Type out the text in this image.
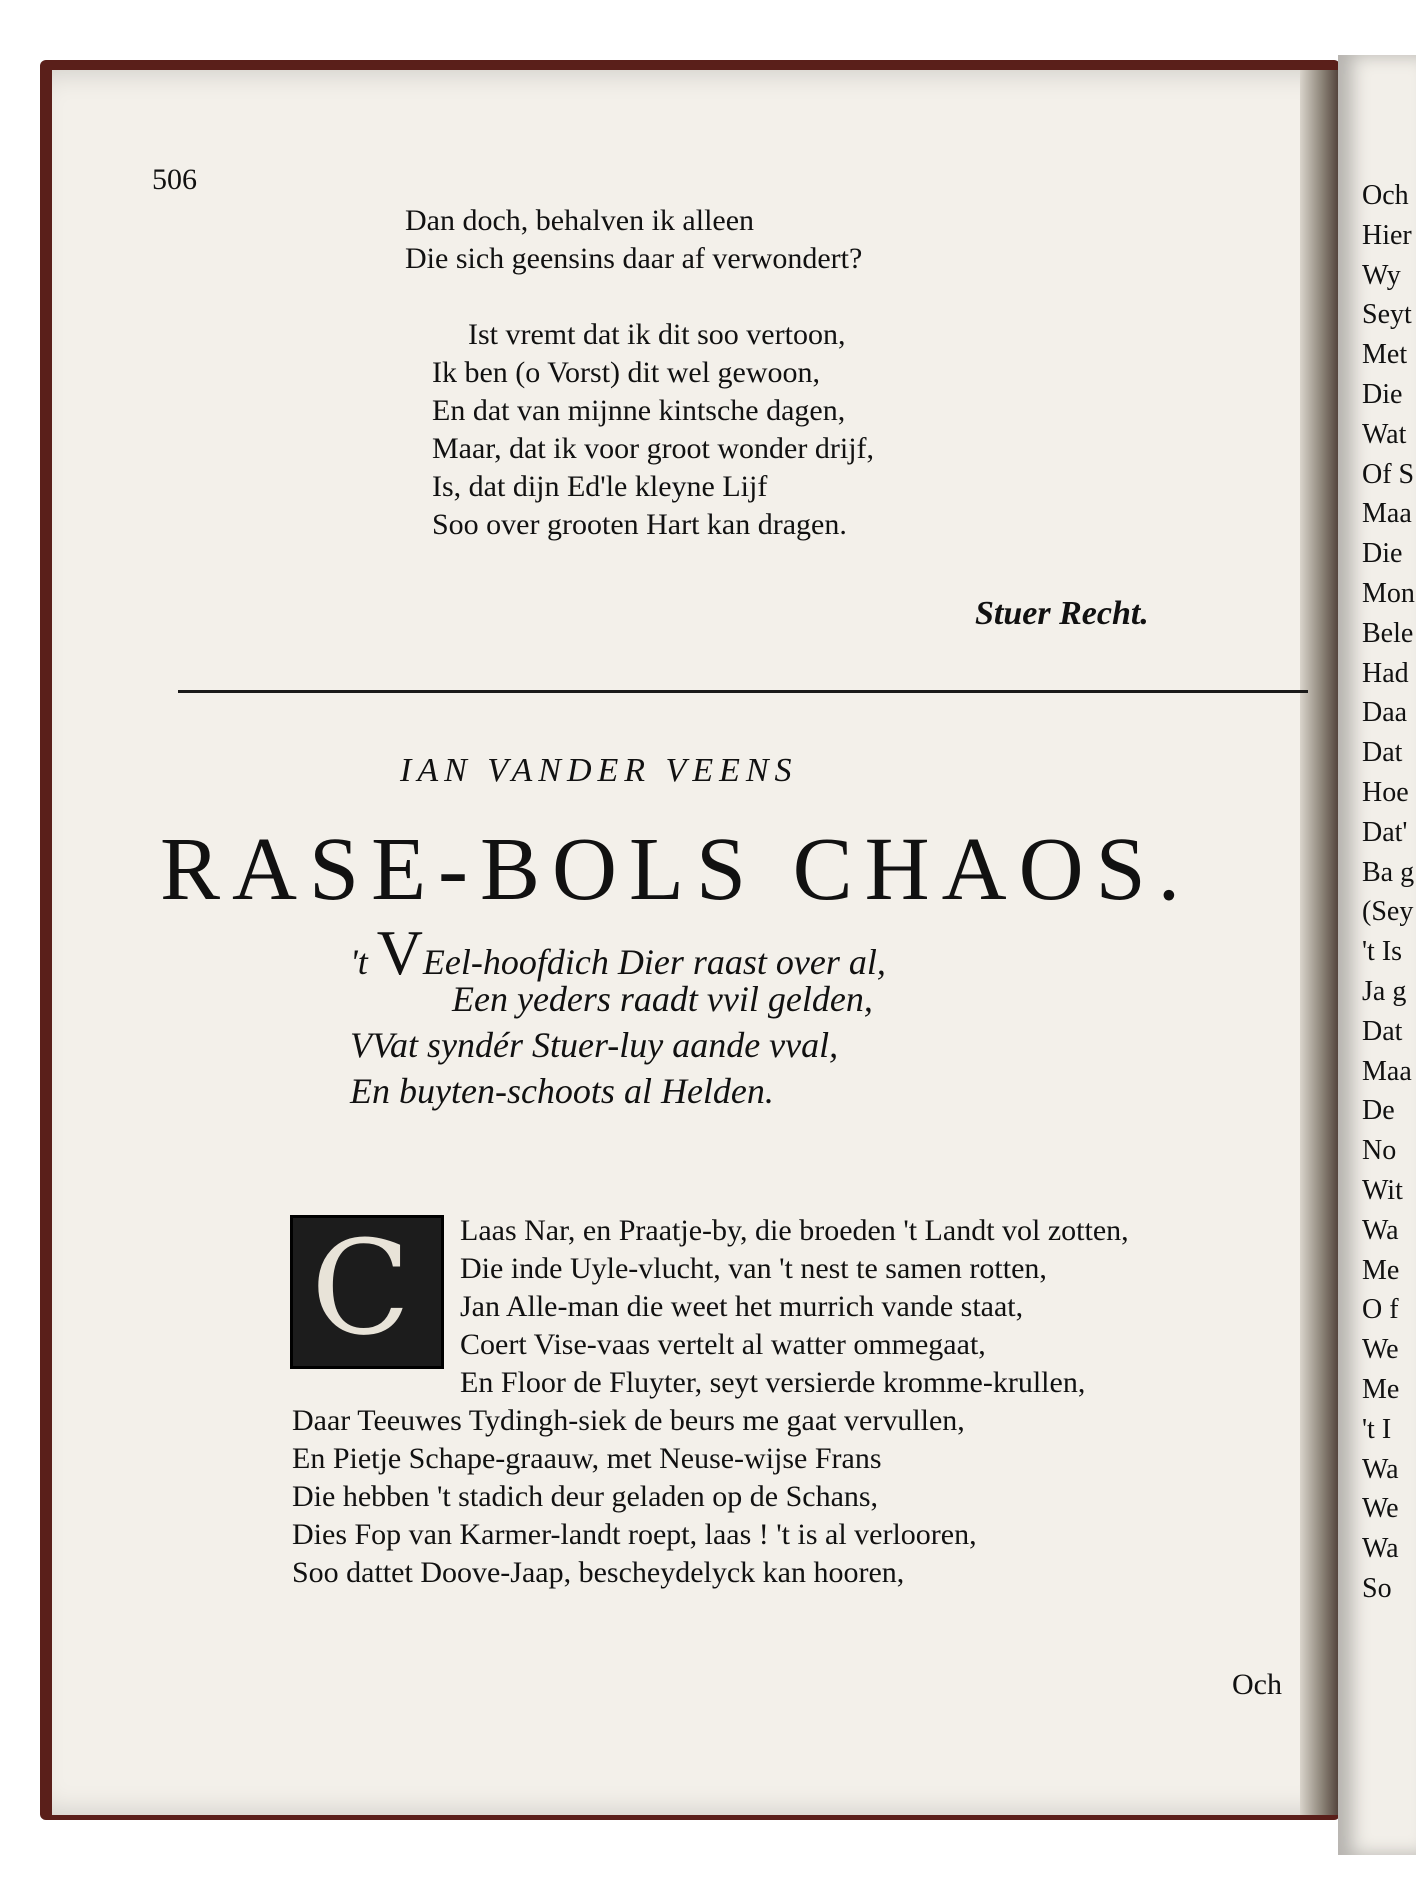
Och
Hier
Wy
Seyt
Met
Die
Wat
Of S
Maa
Die
Mon
Bele
Had
Daa
Dat
Hoe
Dat'
Ba g
(Sey
't Is
Ja g
Dat
Maa
De
No
Wit
Wa
Me
O f
We
Me
't I
Wa
We
Wa
So
506
Dan doch, behalven ik alleen
Die sich geensins daar af verwondert?
Ist vremt dat ik dit soo vertoon,
Ik ben (o Vorst) dit wel gewoon,
En dat van mijnne kintsche dagen,
Maar, dat ik voor groot wonder drijf,
Is, dat dijn Ed'le kleyne Lijf
Soo over grooten Hart kan dragen.
Stuer Recht.
IAN VANDER VEENS
RASE-BOLS CHAOS.
't VEel-hoofdich Dier raast over al,
Een yeders raadt vvil gelden,
VVat syndér Stuer-luy aande vval,
En buyten-schoots al Helden.
C Laas Nar, en Praatje-by, die broeden 't Landt vol zotten,
Die inde Uyle-vlucht, van 't nest te samen rotten,
Jan Alle-man die weet het murrich vande staat,
Coert Vise-vaas vertelt al watter ommegaat,
En Floor de Fluyter, seyt versierde kromme-krullen,
Daar Teeuwes Tydingh-siek de beurs me gaat vervullen,
En Pietje Schape-graauw, met Neuse-wijse Frans
Die hebben 't stadich deur geladen op de Schans,
Dies Fop van Karmer-landt roept, laas ! 't is al verlooren,
Soo dattet Doove-Jaap, bescheydelyck kan hooren,
Och
